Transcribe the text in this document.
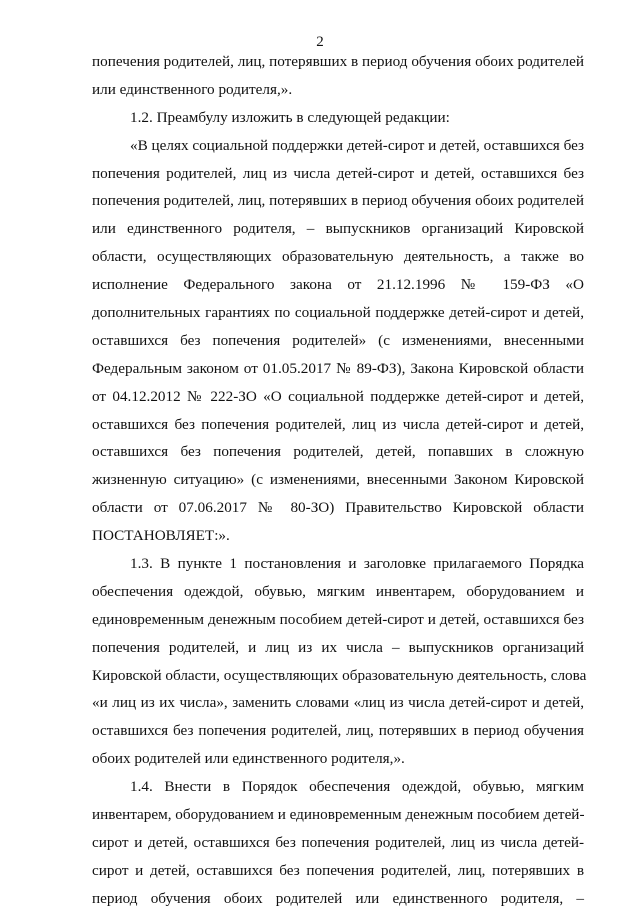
2
попечения родителей, лиц, потерявших в период обучения обоих родителей
или единственного родителя,».
1.2. Преамбулу изложить в следующей редакции:
«В целях социальной поддержки детей-сирот и детей, оставшихся без
попечения родителей, лиц из числа детей-сирот и детей, оставшихся без
попечения родителей, лиц, потерявших в период обучения обоих родителей
или единственного родителя, – выпускников организаций Кировской
области, осуществляющих образовательную деятельность, а также во
исполнение Федерального закона от 21.12.1996 № 159-ФЗ «О
дополнительных гарантиях по социальной поддержке детей-сирот и детей,
оставшихся без попечения родителей» (с изменениями, внесенными
Федеральным законом от 01.05.2017 № 89-ФЗ), Закона Кировской области
от 04.12.2012 № 222-ЗО «О социальной поддержке детей-сирот и детей,
оставшихся без попечения родителей, лиц из числа детей-сирот и детей,
оставшихся без попечения родителей, детей, попавших в сложную
жизненную ситуацию» (с изменениями, внесенными Законом Кировской
области от 07.06.2017 № 80-ЗО) Правительство Кировской области
ПОСТАНОВЛЯЕТ:».
1.3. В пункте 1 постановления и заголовке прилагаемого Порядка
обеспечения одеждой, обувью, мягким инвентарем, оборудованием и
единовременным денежным пособием детей-сирот и детей, оставшихся без
попечения родителей, и лиц из их числа – выпускников организаций
Кировской области, осуществляющих образовательную деятельность, слова
«и лиц из их числа», заменить словами «лиц из числа детей-сирот и детей,
оставшихся без попечения родителей, лиц, потерявших в период обучения
обоих родителей или единственного родителя,».
1.4. Внести в Порядок обеспечения одеждой, обувью, мягким
инвентарем, оборудованием и единовременным денежным пособием детей-
сирот и детей, оставшихся без попечения родителей, лиц из числа детей-
сирот и детей, оставшихся без попечения родителей, лиц, потерявших в
период обучения обоих родителей или единственного родителя, –
